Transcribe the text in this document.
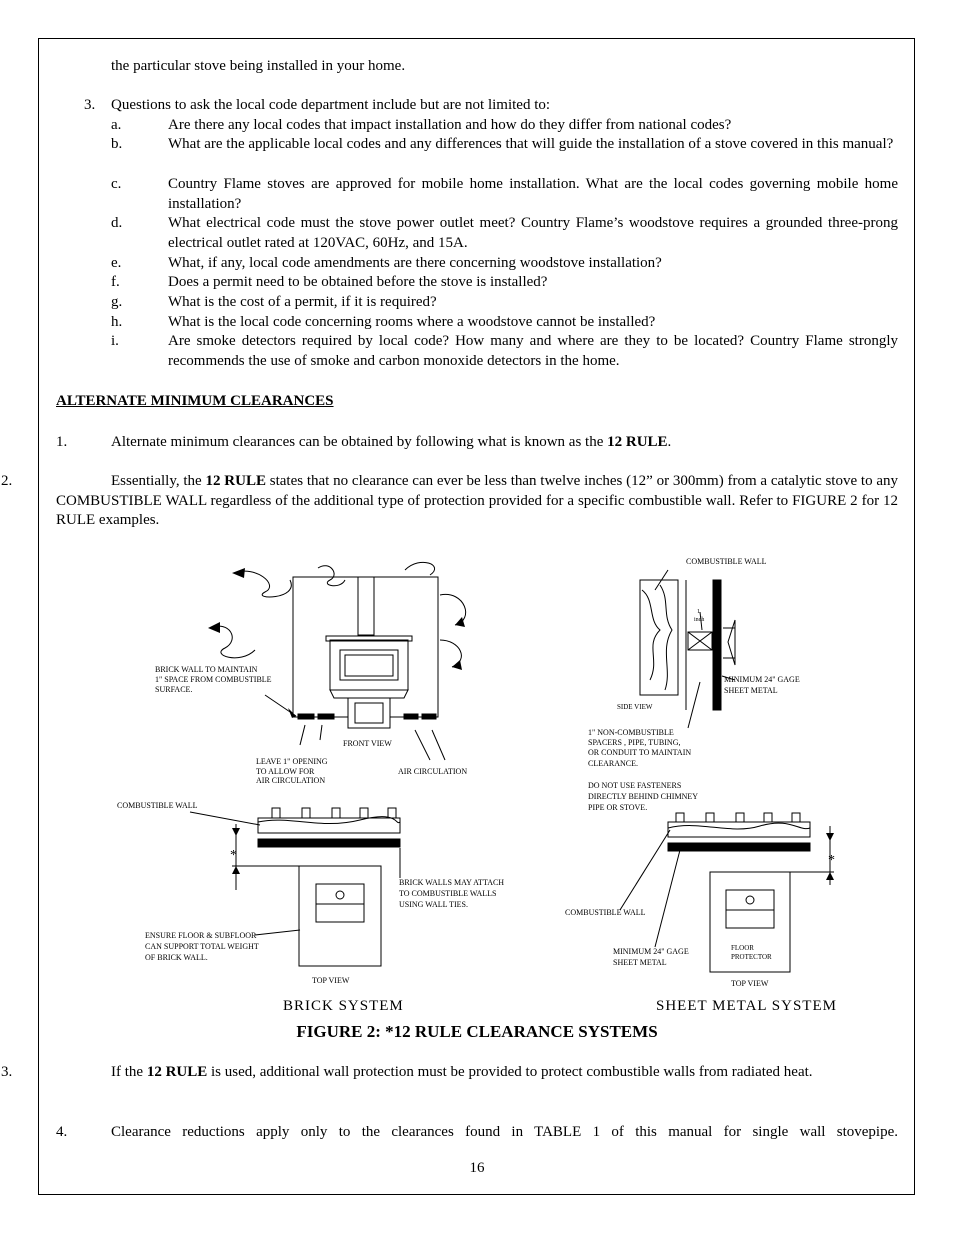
the particular stove being installed in your home.
3. Questions to ask the local code department include but are not limited to:
a.	Are there any local codes that impact installation and how do they differ from national codes?
b.	What are the applicable local codes and any differences that will guide the installation of a stove covered in this manual?
c.	Country Flame stoves are approved for mobile home installation. What are the local codes governing mobile home installation?
d.	What electrical code must the stove power outlet meet? Country Flame’s woodstove requires a grounded three-prong electrical outlet rated at 120VAC, 60Hz, and 15A.
e.	What, if any, local code amendments are there concerning woodstove installation?
f.	Does a permit need to be obtained before the stove is installed?
g.	What is the cost of a permit, if it is required?
h.	What is the local code concerning rooms where a woodstove cannot be installed?
i.	Are smoke detectors required by local code? How many and where are they to be located? Country Flame strongly recommends the use of smoke and carbon monoxide detectors in the home.
ALTERNATE MINIMUM CLEARANCES
1.	Alternate minimum clearances can be obtained by following what is known as the 12 RULE.
2.	Essentially, the 12 RULE states that no clearance can ever be less than twelve inches (12” or 300mm) from a catalytic stove to any COMBUSTIBLE WALL regardless of the additional type of protection provided for a specific combustible wall. Refer to FIGURE 2 for 12 RULE examples.
BRICK WALL TO MAINTAIN
1" SPACE FROM COMBUSTIBLE
SURFACE.
FRONT VIEW
LEAVE 1" OPENING
TO ALLOW FOR
AIR CIRCULATION
AIR CIRCULATION
COMBUSTIBLE WALL
BRICK WALLS MAY ATTACH
TO COMBUSTIBLE WALLS
USING WALL TIES.
ENSURE FLOOR & SUBFLOOR
CAN SUPPORT TOTAL WEIGHT
OF BRICK WALL.
TOP VIEW
COMBUSTIBLE WALL
1
inch
MINIMUM 24" GAGE
SHEET METAL
SIDE VIEW
1" NON-COMBUSTIBLE
SPACERS , PIPE, TUBING,
OR CONDUIT TO MAINTAIN
CLEARANCE.
DO NOT USE FASTENERS
DIRECTLY BEHIND CHIMNEY
PIPE OR STOVE.
COMBUSTIBLE WALL
MINIMUM 24" GAGE
SHEET METAL
FLOOR
PROTECTOR
TOP VIEW
*	*
BRICK SYSTEM	SHEET METAL SYSTEM
FIGURE 2: *12 RULE CLEARANCE SYSTEMS
3.	If the 12 RULE is used, additional wall protection must be provided to protect combustible walls from radiated heat.
4.	Clearance reductions apply only to the clearances found in TABLE 1 of this manual for single wall stovepipe.
16
